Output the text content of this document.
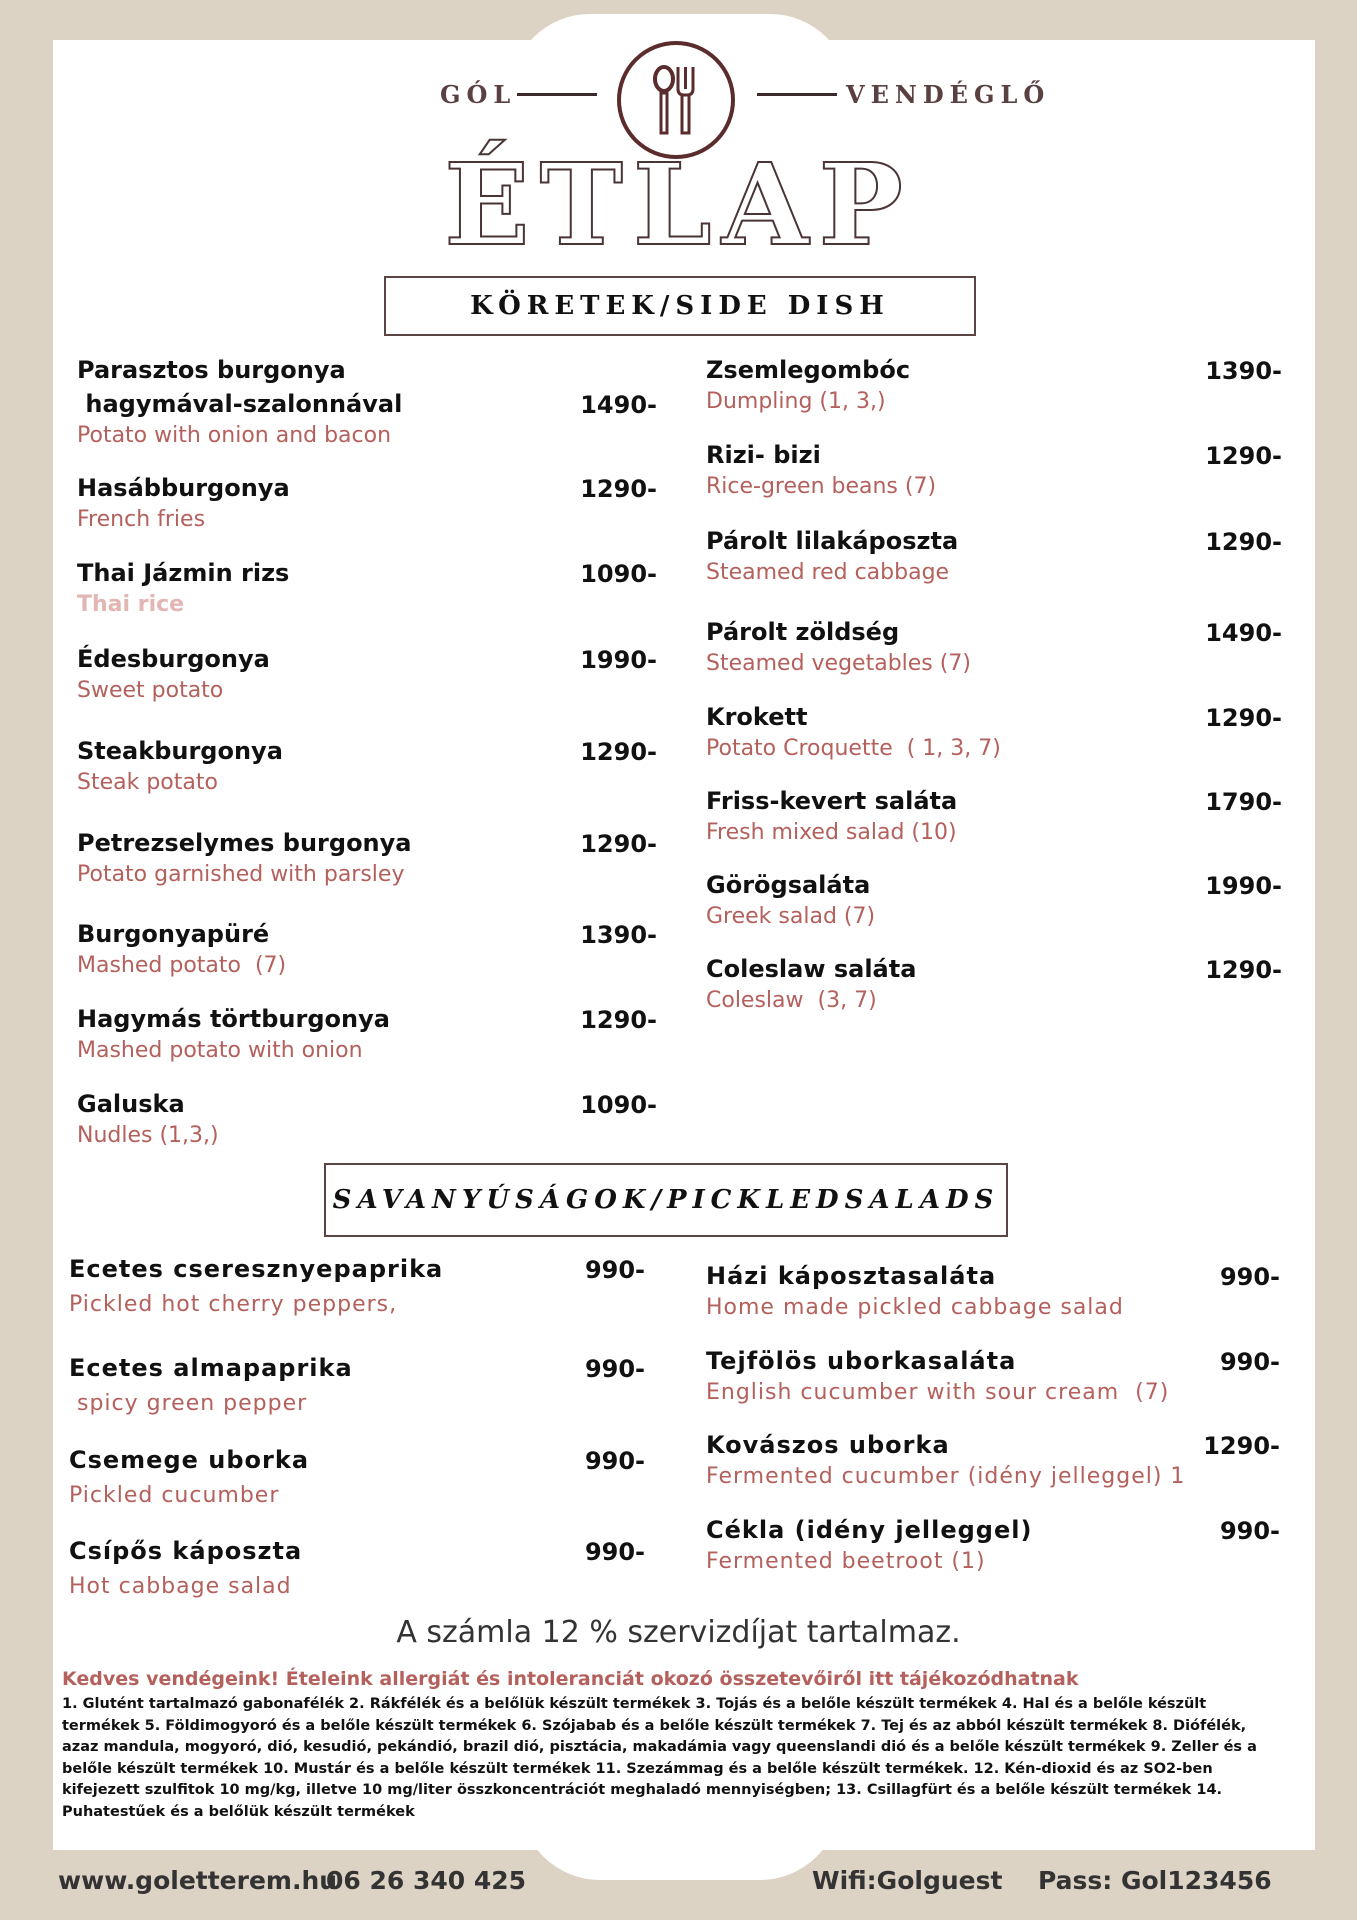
GÓL	VENDÉGLŐ
ÉTLAP
KÖRETEK/SIDE DISH
Parasztos burgonya
hagymával-szalonnával
Potato with onion and bacon
1490-
Hasábburgonya
French fries
1290-
Thai Jázmin rizs
Thai rice
1090-
Édesburgonya
Sweet potato
1990-
Steakburgonya
Steak potato
1290-
Petrezselymes burgonya
Potato garnished with parsley
1290-
Burgonyapüré
Mashed potato  (7)
1390-
Hagymás törtburgonya
Mashed potato with onion
1290-
Galuska
Nudles (1,3,)
1090-
Zsemlegombóc
Dumpling (1, 3,)
1390-
Rizi- bizi
Rice-green beans (7)
1290-
Párolt lilakáposzta
Steamed red cabbage
1290-
Párolt zöldség
Steamed vegetables (7)
1490-
Krokett
Potato Croquette  ( 1, 3, 7)
1290-
Friss-kevert saláta
Fresh mixed salad (10)
1790-
Görögsaláta
Greek salad (7)
1990-
Coleslaw saláta
Coleslaw  (3, 7)
1290-
SAVANYÚSÁGOK/PICKLEDSALADS
Ecetes cseresznyepaprika
Pickled hot cherry peppers,
990-
Ecetes almapaprika
spicy green pepper
990-
Csemege uborka
Pickled cucumber
990-
Csípős káposzta
Hot cabbage salad
990-
Házi káposztasaláta
Home made pickled cabbage salad
990-
Tejfölös uborkasaláta
English cucumber with sour cream  (7)
990-
Kovászos uborka
Fermented cucumber (idény jelleggel) 1
1290-
Cékla (idény jelleggel)
Fermented beetroot (1)
990-
A számla 12 % szervizdíjat tartalmaz.
Kedves vendégeink! Ételeink allergiát és intoleranciát okozó összetevőiről itt tájékozódhatnak
1. Glutént tartalmazó gabonafélék 2. Rákfélék és a belőlük készült termékek 3. Tojás és a belőle készült termékek 4. Hal és a belőle készült termékek 5. Földimogyoró és a belőle készült termékek 6. Szójabab és a belőle készült termékek 7. Tej és az abból készült termékek 8. Diófélék, azaz mandula, mogyoró, dió, kesudió, pekándió, brazil dió, pisztácia, makadámia vagy queenslandi dió és a belőle készült termékek 9. Zeller és a belőle készült termékek 10. Mustár és a belőle készült termékek 11. Szezámmag és a belőle készült termékek. 12. Kén-dioxid és az SO2-ben kifejezett szulfitok 10 mg/kg, illetve 10 mg/liter összkoncentrációt meghaladó mennyiségben; 13. Csillagfürt és a belőle készült termékek 14. Puhatestűek és a belőlük készült termékek
www.goletterem.hu
06 26 340 425	Wifi:Golguest Pass: Gol123456
